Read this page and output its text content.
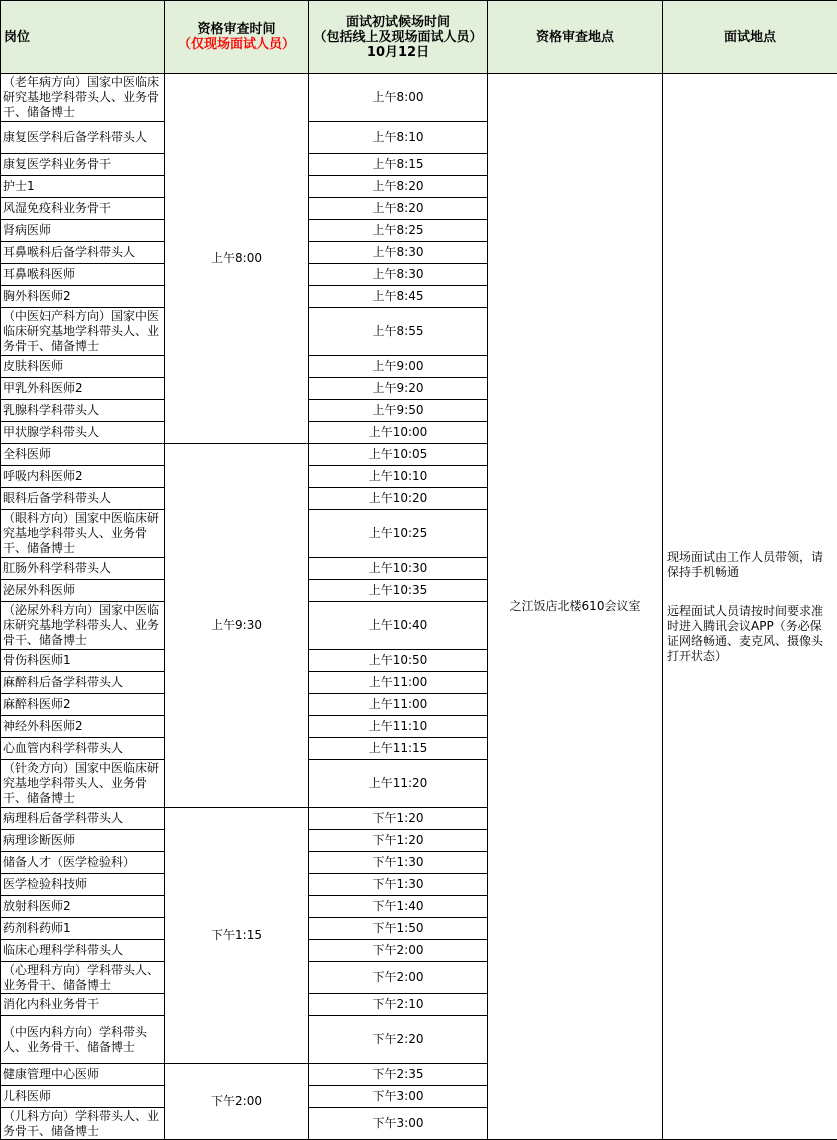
岗位	资格审查时间
（仅现场面试人员）	面试初试候场时间
（包括线上及现场面试人员）
10月12日	资格审查地点	面试地点
（老年病方向）国家中医临床研究基地学科带头人、业务骨干、储备博士	上午8:00	上午8:00	之江饭店北楼610会议室	现场面试由工作人员带领，请保持手机畅通
远程面试人员请按时间要求准时进入腾讯会议APP（务必保证网络畅通、麦克风、摄像头打开状态）

康复医学科后备学科带头人		上午8:10		
康复医学科业务骨干		上午8:15		
护士1		上午8:20		
风湿免疫科业务骨干		上午8:20		
肾病医师		上午8:25		
耳鼻喉科后备学科带头人		上午8:30		
耳鼻喉科医师		上午8:30		
胸外科医师2		上午8:45		
（中医妇产科方向）国家中医临床研究基地学科带头人、业务骨干、储备博士		上午8:55		
皮肤科医师		上午9:00		
甲乳外科医师2		上午9:20		
乳腺科学科带头人		上午9:50		
甲状腺学科带头人		上午10:00		
全科医师	上午9:30	上午10:05		
呼吸内科医师2		上午10:10		
眼科后备学科带头人		上午10:20		
（眼科方向）国家中医临床研究基地学科带头人、业务骨干、储备博士		上午10:25		
肛肠外科学科带头人		上午10:30		
泌尿外科医师		上午10:35		
（泌尿外科方向）国家中医临床研究基地学科带头人、业务骨干、储备博士		上午10:40		
骨伤科医师1		上午10:50		
麻醉科后备学科带头人		上午11:00		
麻醉科医师2		上午11:00		
神经外科医师2		上午11:10		
心血管内科学科带头人		上午11:15		
（针灸方向）国家中医临床研究基地学科带头人、业务骨干、储备博士		上午11:20		
病理科后备学科带头人	下午1:15	下午1:20		
病理诊断医师		下午1:20		
储备人才（医学检验科）		下午1:30		
医学检验科技师		下午1:30		
放射科医师2		下午1:40		
药剂科药师1		下午1:50		
临床心理科学科带头人		下午2:00		
（心理科方向）学科带头人、业务骨干、储备博士		下午2:00		
消化内科业务骨干		下午2:10		
（中医内科方向）学科带头人、业务骨干、储备博士		下午2:20		
健康管理中心医师	下午2:00	下午2:35		
儿科医师		下午3:00		
（儿科方向）学科带头人、业务骨干、储备博士		下午3:00		
